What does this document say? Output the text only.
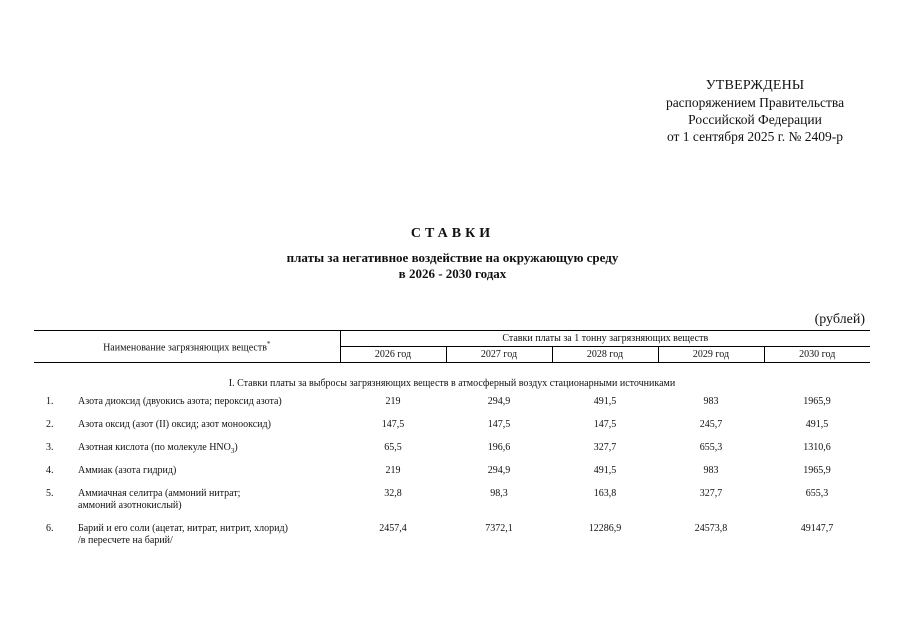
УТВЕРЖДЕНЫ
распоряжением Правительства
Российской Федерации
от 1 сентября 2025 г. № 2409-р
СТАВКИ
платы за негативное воздействие на окружающую среду
в 2026 - 2030 годах
(рублей)
Наименование загрязняющих веществ*		Ставки платы за 1 тонну загрязняющих веществ				
		2026 год	2027 год	2028 год	2029 год	2030 год
I. Ставки платы за выбросы загрязняющих веществ в атмосферный воздух стационарными источниками						
1.	Азота диоксид (двуокись азота; пероксид азота)	219	294,9	491,5	983	1965,9
2.	Азота оксид (азот (II) оксид; азот монооксид)	147,5	147,5	147,5	245,7	491,5
3.	Азотная кислота (по молекуле $HNO_3$)	65,5	196,6	327,7	655,3	1310,6
4.	Аммиак (азота гидрид)	219	294,9	491,5	983	1965,9
5.	Аммиачная селитра (аммоний нитрат;
аммоний азотнокислый)	32,8	98,3	163,8	327,7	655,3
6.	Барий и его соли (ацетат, нитрат, нитрит, хлорид)
/в пересчете на барий/	2457,4	7372,1	12286,9	24573,8	49147,7
